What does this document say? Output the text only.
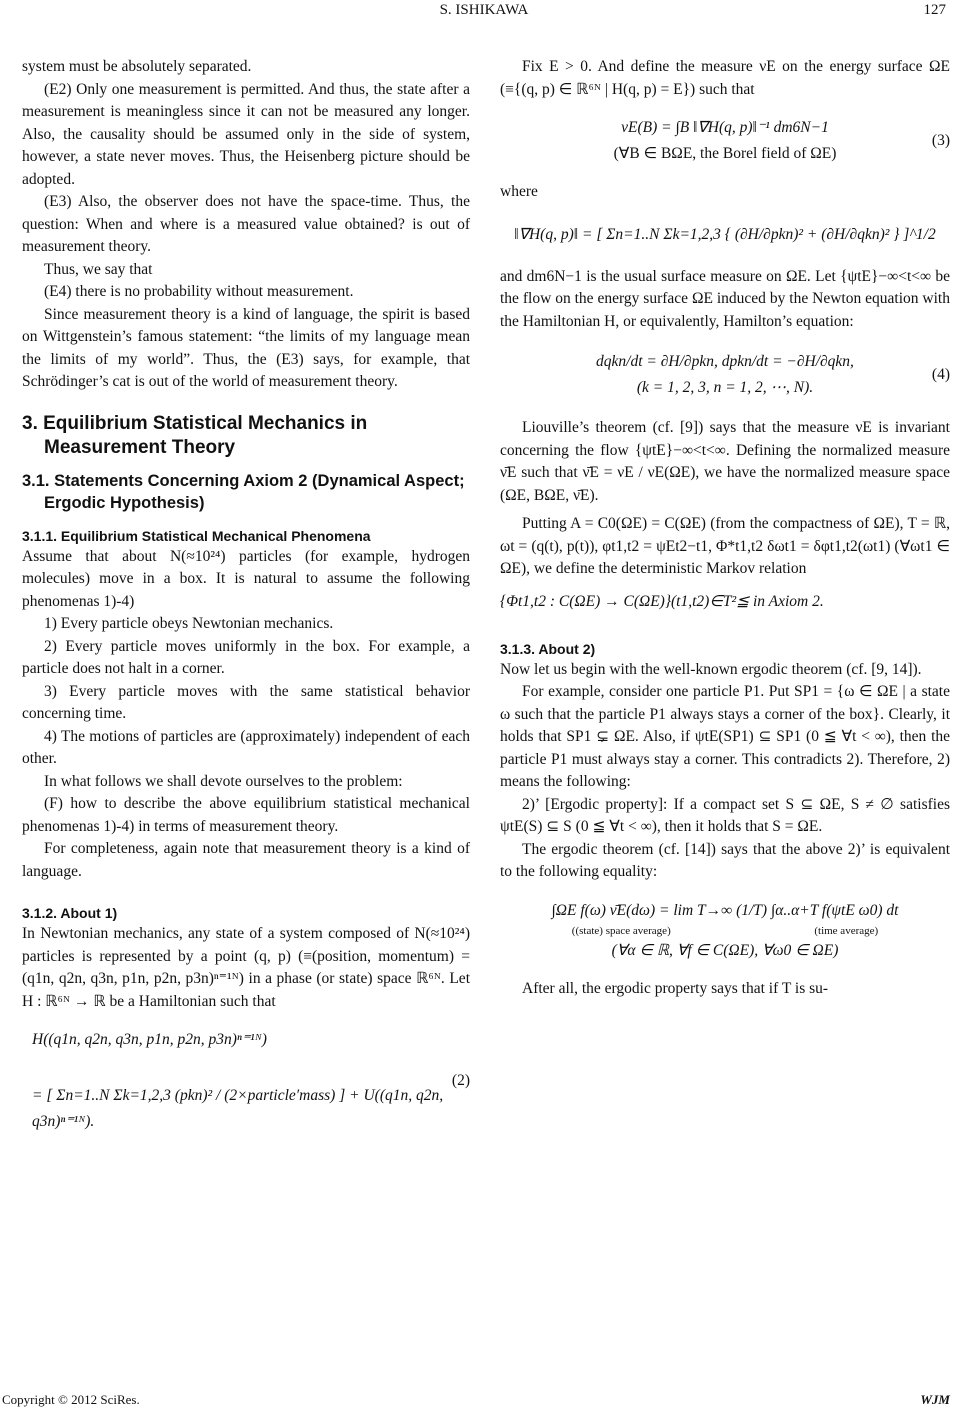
S. ISHIKAWA	127

system must be absolutely separated.

(E2) Only one measurement is permitted. And thus, the state after a measurement is meaningless since it can not be measured any longer. Also, the causality should be assumed only in the side of system, however, a state never moves. Thus, the Heisenberg picture should be adopted.

(E3) Also, the observer does not have the space-time. Thus, the question: When and where is a measured value obtained? is out of measurement theory.

Thus, we say that

(E4) there is no probability without measurement.

Since measurement theory is a kind of language, the spirit is based on Wittgenstein’s famous statement: “the limits of my language mean the limits of my world”. Thus, the (E3) says, for example, that Schrödinger’s cat is out of the world of measurement theory.

3. Equilibrium Statistical Mechanics in Measurement Theory
3.1. Statements Concerning Axiom 2 (Dynamical Aspect; Ergodic Hypothesis)
3.1.1. Equilibrium Statistical Mechanical Phenomena

Assume that about N(≈10²⁴) particles (for example, hydrogen molecules) move in a box. It is natural to assume the following phenomenas 1)-4)

1) Every particle obeys Newtonian mechanics.

2) Every particle moves uniformly in the box. For example, a particle does not halt in a corner.

3) Every particle moves with the same statistical behavior concerning time.

4) The motions of particles are (approximately) independent of each other.

In what follows we shall devote ourselves to the problem:

(F) how to describe the above equilibrium statistical mechanical phenomenas 1)-4) in terms of measurement theory.

For completeness, again note that measurement theory is a kind of language.

3.1.2. About 1)

In Newtonian mechanics, any state of a system composed of N(≈10²⁴) particles is represented by a point (q, p) (≡(position, momentum) = (q1n, q2n, q3n, p1n, p2n, p3n)ⁿ⁼¹ᴺ) in a phase (or state) space ℝ⁶ᴺ. Let H : ℝ⁶ᴺ → ℝ be a Hamiltonian such that

H((q1n, q2n, q3n, p1n, p2n, p3n)ⁿ⁼¹ᴺ)
= [ Σn=1..N Σk=1,2,3 (pkn)² / (2×particle′mass) ] + U((q1n, q2n, q3n)ⁿ⁼¹ᴺ).
(2)

Fix E > 0. And define the measure νE on the energy surface ΩE (≡{(q, p) ∈ ℝ⁶ᴺ | H(q, p) = E}) such that

νE(B) = ∫B ‖∇H(q, p)‖⁻¹ dm6N−1
(∀B ∈ BΩE, the Borel field of ΩE)
(3)

where

‖∇H(q, p)‖ = [ Σn=1..N Σk=1,2,3 { (∂H/∂pkn)² + (∂H/∂qkn)² } ]^1/2

and dm6N−1 is the usual surface measure on ΩE. Let {ψtE}−∞<t<∞ be the flow on the energy surface ΩE induced by the Newton equation with the Hamiltonian H, or equivalently, Hamilton’s equation:

dqkn/dt = ∂H/∂pkn, dpkn/dt = −∂H/∂qkn,
(k = 1, 2, 3, n = 1, 2, ⋯, N).
(4)

Liouville’s theorem (cf. [9]) says that the measure νE is invariant concerning the flow {ψtE}−∞<t<∞. Defining the normalized measure ν̄E such that ν̄E = νE / νE(ΩE), we have the normalized measure space (ΩE, BΩE, ν̄E).

Putting A = C0(ΩE) = C(ΩE) (from the compactness of ΩE), T = ℝ, ωt = (q(t), p(t)), φt1,t2 = ψEt2−t1, Φ*t1,t2 δωt1 = δφt1,t2(ωt1) (∀ωt1 ∈ ΩE), we define the deterministic Markov relation

{Φt1,t2 : C(ΩE) → C(ΩE)}(t1,t2)∈T²≦ in Axiom 2.
3.1.3. About 2)

Now let us begin with the well-known ergodic theorem (cf. [9, 14]).

For example, consider one particle P1. Put SP1 = {ω ∈ ΩE | a state ω such that the particle P1 always stays a corner of the box}. Clearly, it holds that SP1 ⊊ ΩE. Also, if ψtE(SP1) ⊆ SP1 (0 ≦ ∀t < ∞), then the particle P1 must always stay a corner. This contradicts 2). Therefore, 2) means the following:

2)’ [Ergodic property]: If a compact set S ⊆ ΩE, S ≠ ∅ satisfies ψtE(S) ⊆ S (0 ≦ ∀t < ∞), then it holds that S = ΩE.

The ergodic theorem (cf. [14]) says that the above 2)’ is equivalent to the following equality:

∫ΩE f(ω) ν̄E(dω) = lim T→∞ (1/T) ∫α..α+T f(ψtE ω0) dt
((state) space average)	(time average)
(∀α ∈ ℝ, ∀f ∈ C(ΩE), ∀ω0 ∈ ΩE)

After all, the ergodic property says that if T is su-

Copyright © 2012 SciRes.	WJM
